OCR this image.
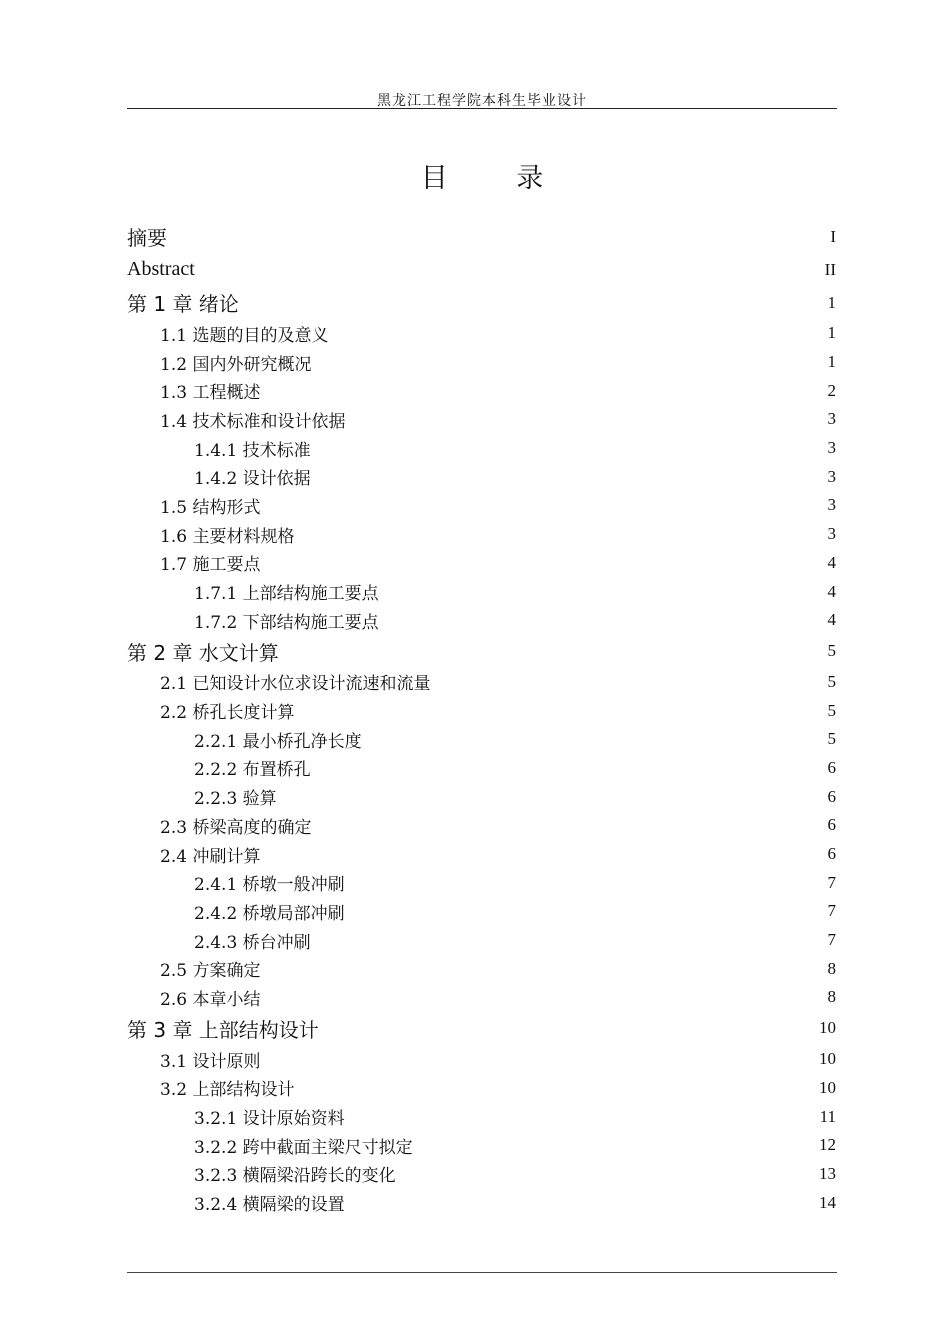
黑龙江工程学院本科生毕业设计
目 录
摘要	I
Abstract	II
第 1 章 绪论	1
1.1 选题的目的及意义	1
1.2 国内外研究概况	1
1.3 工程概述	2
1.4 技术标准和设计依据	3
1.4.1 技术标准	3
1.4.2 设计依据	3
1.5 结构形式	3
1.6 主要材料规格	3
1.7 施工要点	4
1.7.1 上部结构施工要点	4
1.7.2 下部结构施工要点	4
第 2 章 水文计算	5
2.1 已知设计水位求设计流速和流量	5
2.2 桥孔长度计算	5
2.2.1 最小桥孔净长度	5
2.2.2 布置桥孔	6
2.2.3 验算	6
2.3 桥梁高度的确定	6
2.4 冲刷计算	6
2.4.1 桥墩一般冲刷	7
2.4.2 桥墩局部冲刷	7
2.4.3 桥台冲刷	7
2.5 方案确定	8
2.6 本章小结	8
第 3 章 上部结构设计	10
3.1 设计原则	10
3.2 上部结构设计	10
3.2.1 设计原始资料	11
3.2.2 跨中截面主梁尺寸拟定	12
3.2.3 横隔梁沿跨长的变化	13
3.2.4 横隔梁的设置	14
